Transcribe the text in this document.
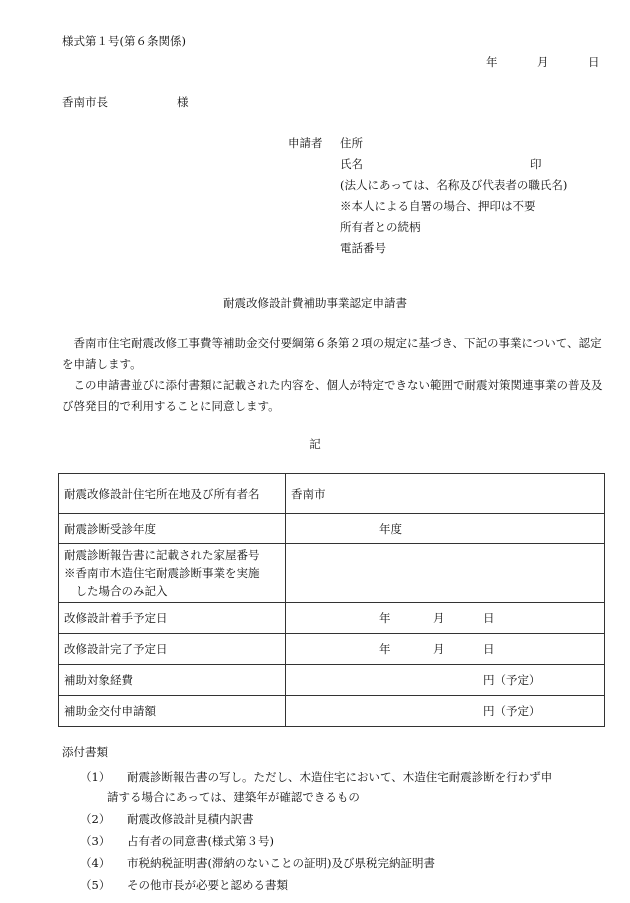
様式第１号(第６条関係)
年	月	日
香南市長	様
申請者 住所
氏名	印
(法人にあっては、名称及び代表者の職氏名)
※本人による自署の場合、押印は不要
所有者との続柄
電話番号
耐震改修設計費補助事業認定申請書

香南市住宅耐震改修工事費等補助金交付要綱第６条第２項の規定に基づき、下記の事業について、認定を申請します。

この申請書並びに添付書類に記載された内容を、個人が特定できない範囲で耐震対策関連事業の普及及び啓発目的で利用することに同意します。

記
耐震改修設計住宅所在地及び所有者名	香南市
耐震診断受診年度	年度

耐震診断報告書に記載された家屋番号
※香南市木造住宅耐震診断事業を実施
した場合のみ記入	

改修設計着手予定日	年 月 日

改修設計完了予定日	年 月 日

補助対象経費	円（予定）

補助金交付申請額	円（予定）
添付書類
（1）	耐震診断報告書の写し。ただし、木造住宅において、木造住宅耐震診断を行わず申
請する場合にあっては、建築年が確認できるもの
（2）	耐震改修設計見積内訳書
（3）	占有者の同意書(様式第３号)
（4）	市税納税証明書(滞納のないことの証明)及び県税完納証明書
（5）	その他市長が必要と認める書類
